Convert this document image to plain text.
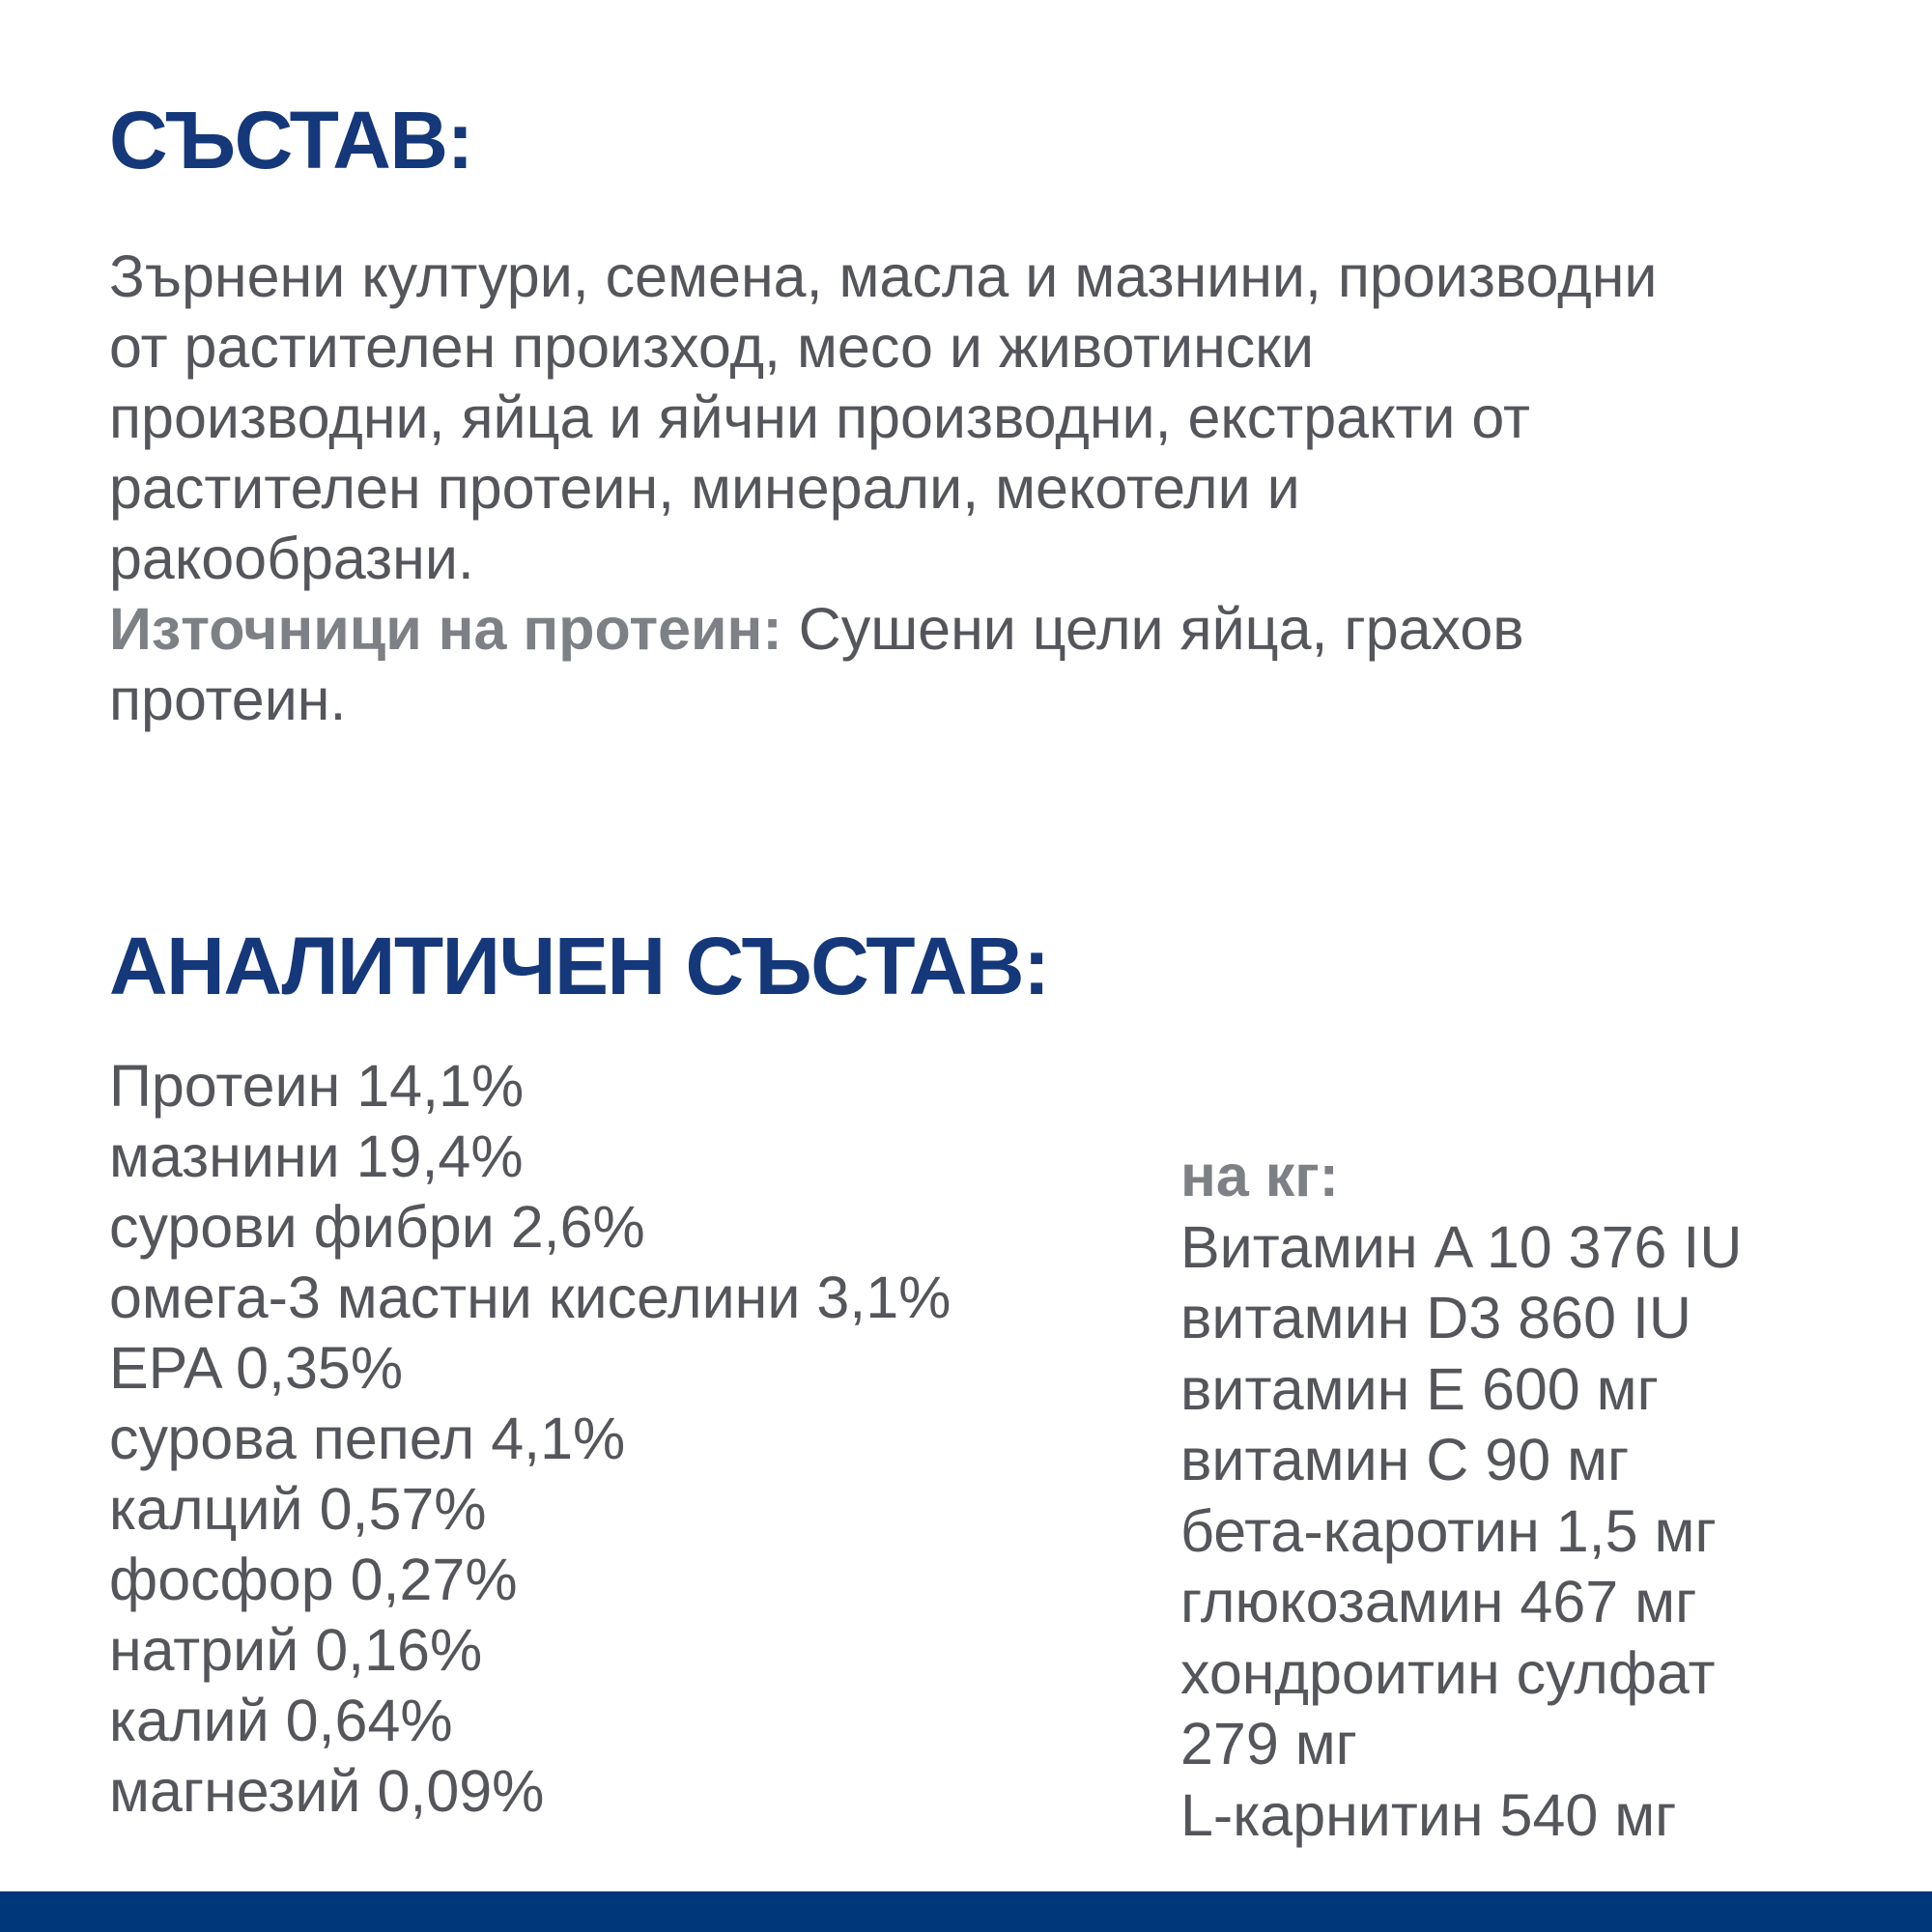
СЪСТАВ:
Зърнени култури, семена, масла и мазнини, производни
от растителен произход, месо и животински
производни, яйца и яйчни производни, екстракти от
растителен протеин, минерали, мекотели и
ракообразни.
Източници на протеин: Сушени цели яйца, грахов
протеин.
АНАЛИТИЧЕН СЪСТАВ:
Протеин 14,1%
мазнини 19,4%
сурови фибри 2,6%
омега-3 мастни киселини 3,1%
EPA 0,35%
сурова пепел 4,1%
калций 0,57%
фосфор 0,27%
натрий 0,16%
калий 0,64%
магнезий 0,09%
на кг:
Витамин A 10 376 IU
витамин D3 860 IU
витамин E 600 мг
витамин C 90 мг
бета-каротин 1,5 мг
глюкозамин 467 мг
хондроитин сулфат
279 мг
L-карнитин 540 мг
